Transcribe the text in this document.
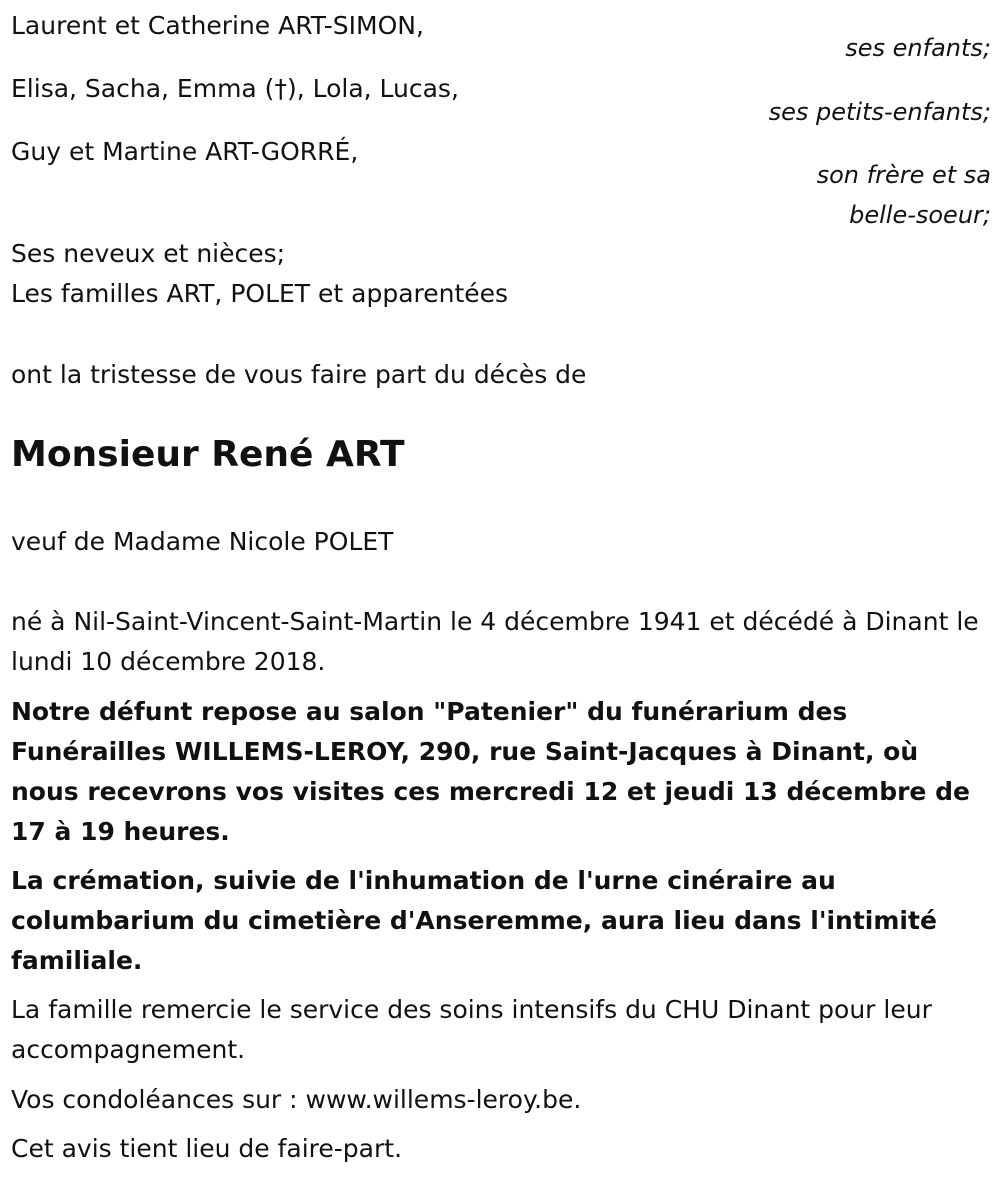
Laurent et Catherine ART-SIMON,
ses enfants;
Elisa, Sacha, Emma (†), Lola, Lucas,
ses petits-enfants;
Guy et Martine ART-GORRÉ,
son frère et sa
belle-soeur;
Ses neveux et nièces;
Les familles ART, POLET et apparentées
ont la tristesse de vous faire part du décès de
Monsieur René ART
veuf de Madame Nicole POLET
né à Nil-Saint-Vincent-Saint-Martin le 4 décembre 1941 et décédé à Dinant le lundi 10 décembre 2018.
Notre défunt repose au salon "Patenier" du funérarium des Funérailles WILLEMS-LEROY, 290, rue Saint-Jacques à Dinant, où nous recevrons vos visites ces mercredi 12 et jeudi 13 décembre de 17 à 19 heures.
La crémation, suivie de l'inhumation de l'urne cinéraire au columbarium du cimetière d'Anseremme, aura lieu dans l'intimité familiale.
La famille remercie le service des soins intensifs du CHU Dinant pour leur accompagnement.
Vos condoléances sur : www.willems-leroy.be.
Cet avis tient lieu de faire-part.
